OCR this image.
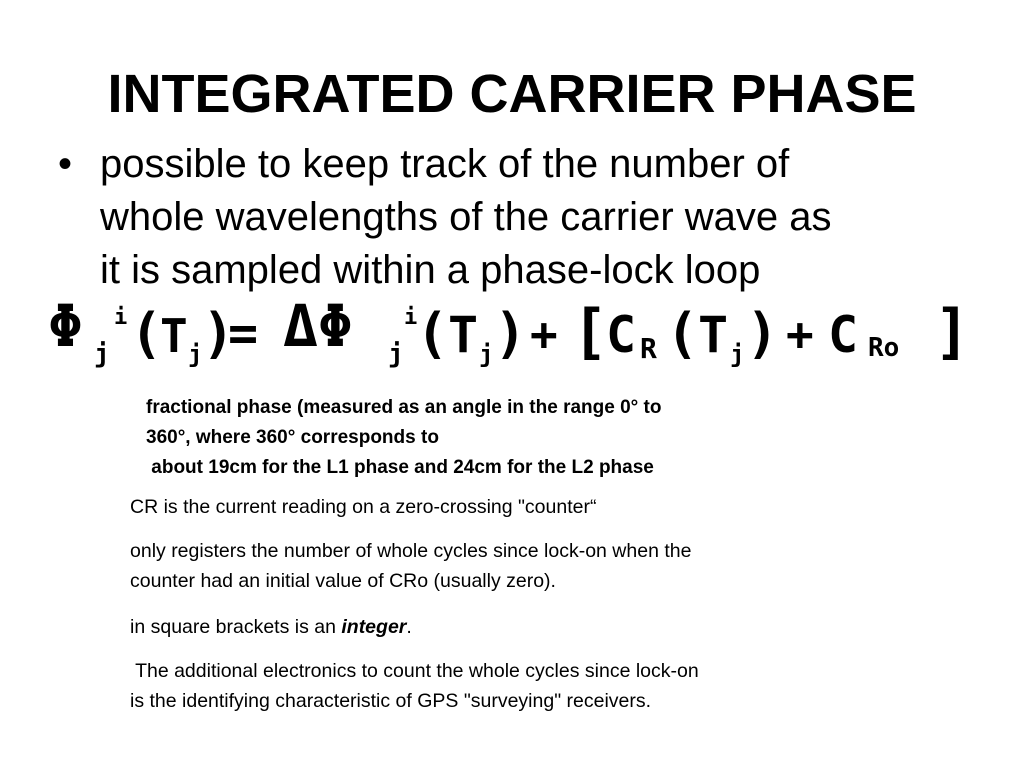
INTEGRATED CARRIER PHASE
• possible to keep track of the number of
whole wavelengths of the carrier wave as
it is sampled within a phase-lock loop
Φ j
i (
T j )
= ΔΦ j
i
( T j ) + [
C R ( T j ) + C Ro ]
fractional phase (measured as an angle in the range 0° to
360°, where 360° corresponds to
about 19cm for the L1 phase and 24cm for the L2 phase

CR is the current reading on a zero-crossing "counter“

only registers the number of whole cycles since lock-on when the
counter had an initial value of CRo (usually zero).

in square brackets is an integer.

The additional electronics to count the whole cycles since lock-on
is the identifying characteristic of GPS "surveying" receivers.
